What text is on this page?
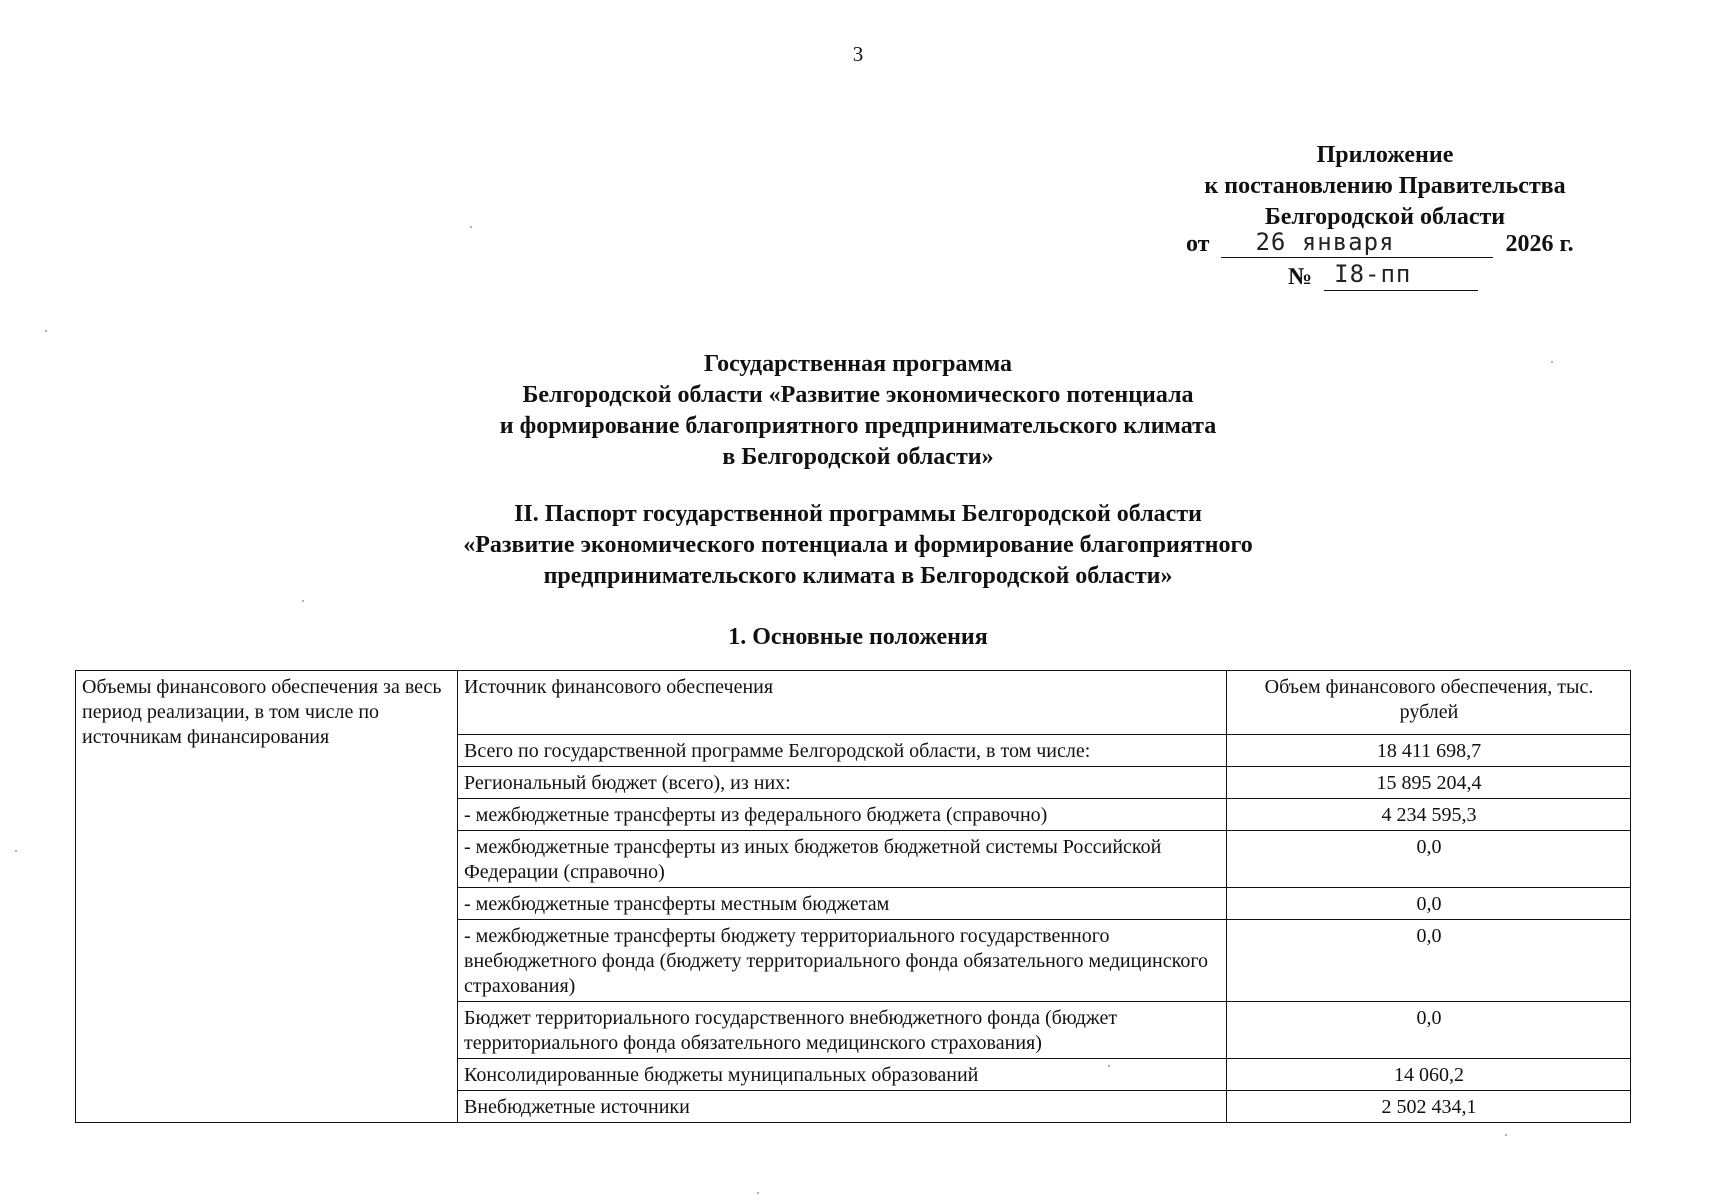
3
Приложение
к постановлению Правительства
Белгородской области
от 26 января	2026 г.
№ I8-пп
Государственная программа
Белгородской области «Развитие экономического потенциала
и формирование благоприятного предпринимательского климата
в Белгородской области»
II. Паспорт государственной программы Белгородской области
«Развитие экономического потенциала и формирование благоприятного
предпринимательского климата в Белгородской области»
1. Основные положения
Объемы финансового обеспечения за весь период реализации, в том числе по источникам финансирования	Источник финансового обеспечения	Объем финансового обеспечения, тыс. рублей
	Всего по государственной программе Белгородской области, в том числе:	18 411 698,7
	Региональный бюджет (всего), из них:	15 895 204,4
	- межбюджетные трансферты из федерального бюджета (справочно)	4 234 595,3
	- межбюджетные трансферты из иных бюджетов бюджетной системы Российской Федерации (справочно)	0,0
	- межбюджетные трансферты местным бюджетам	0,0
	- межбюджетные трансферты бюджету территориального государственного внебюджетного фонда (бюджету территориального фонда обязательного медицинского страхования)	0,0
	Бюджет территориального государственного внебюджетного фонда (бюджет территориального фонда обязательного медицинского страхования)	0,0
	Консолидированные бюджеты муниципальных образований	14 060,2
	Внебюджетные источники	2 502 434,1
